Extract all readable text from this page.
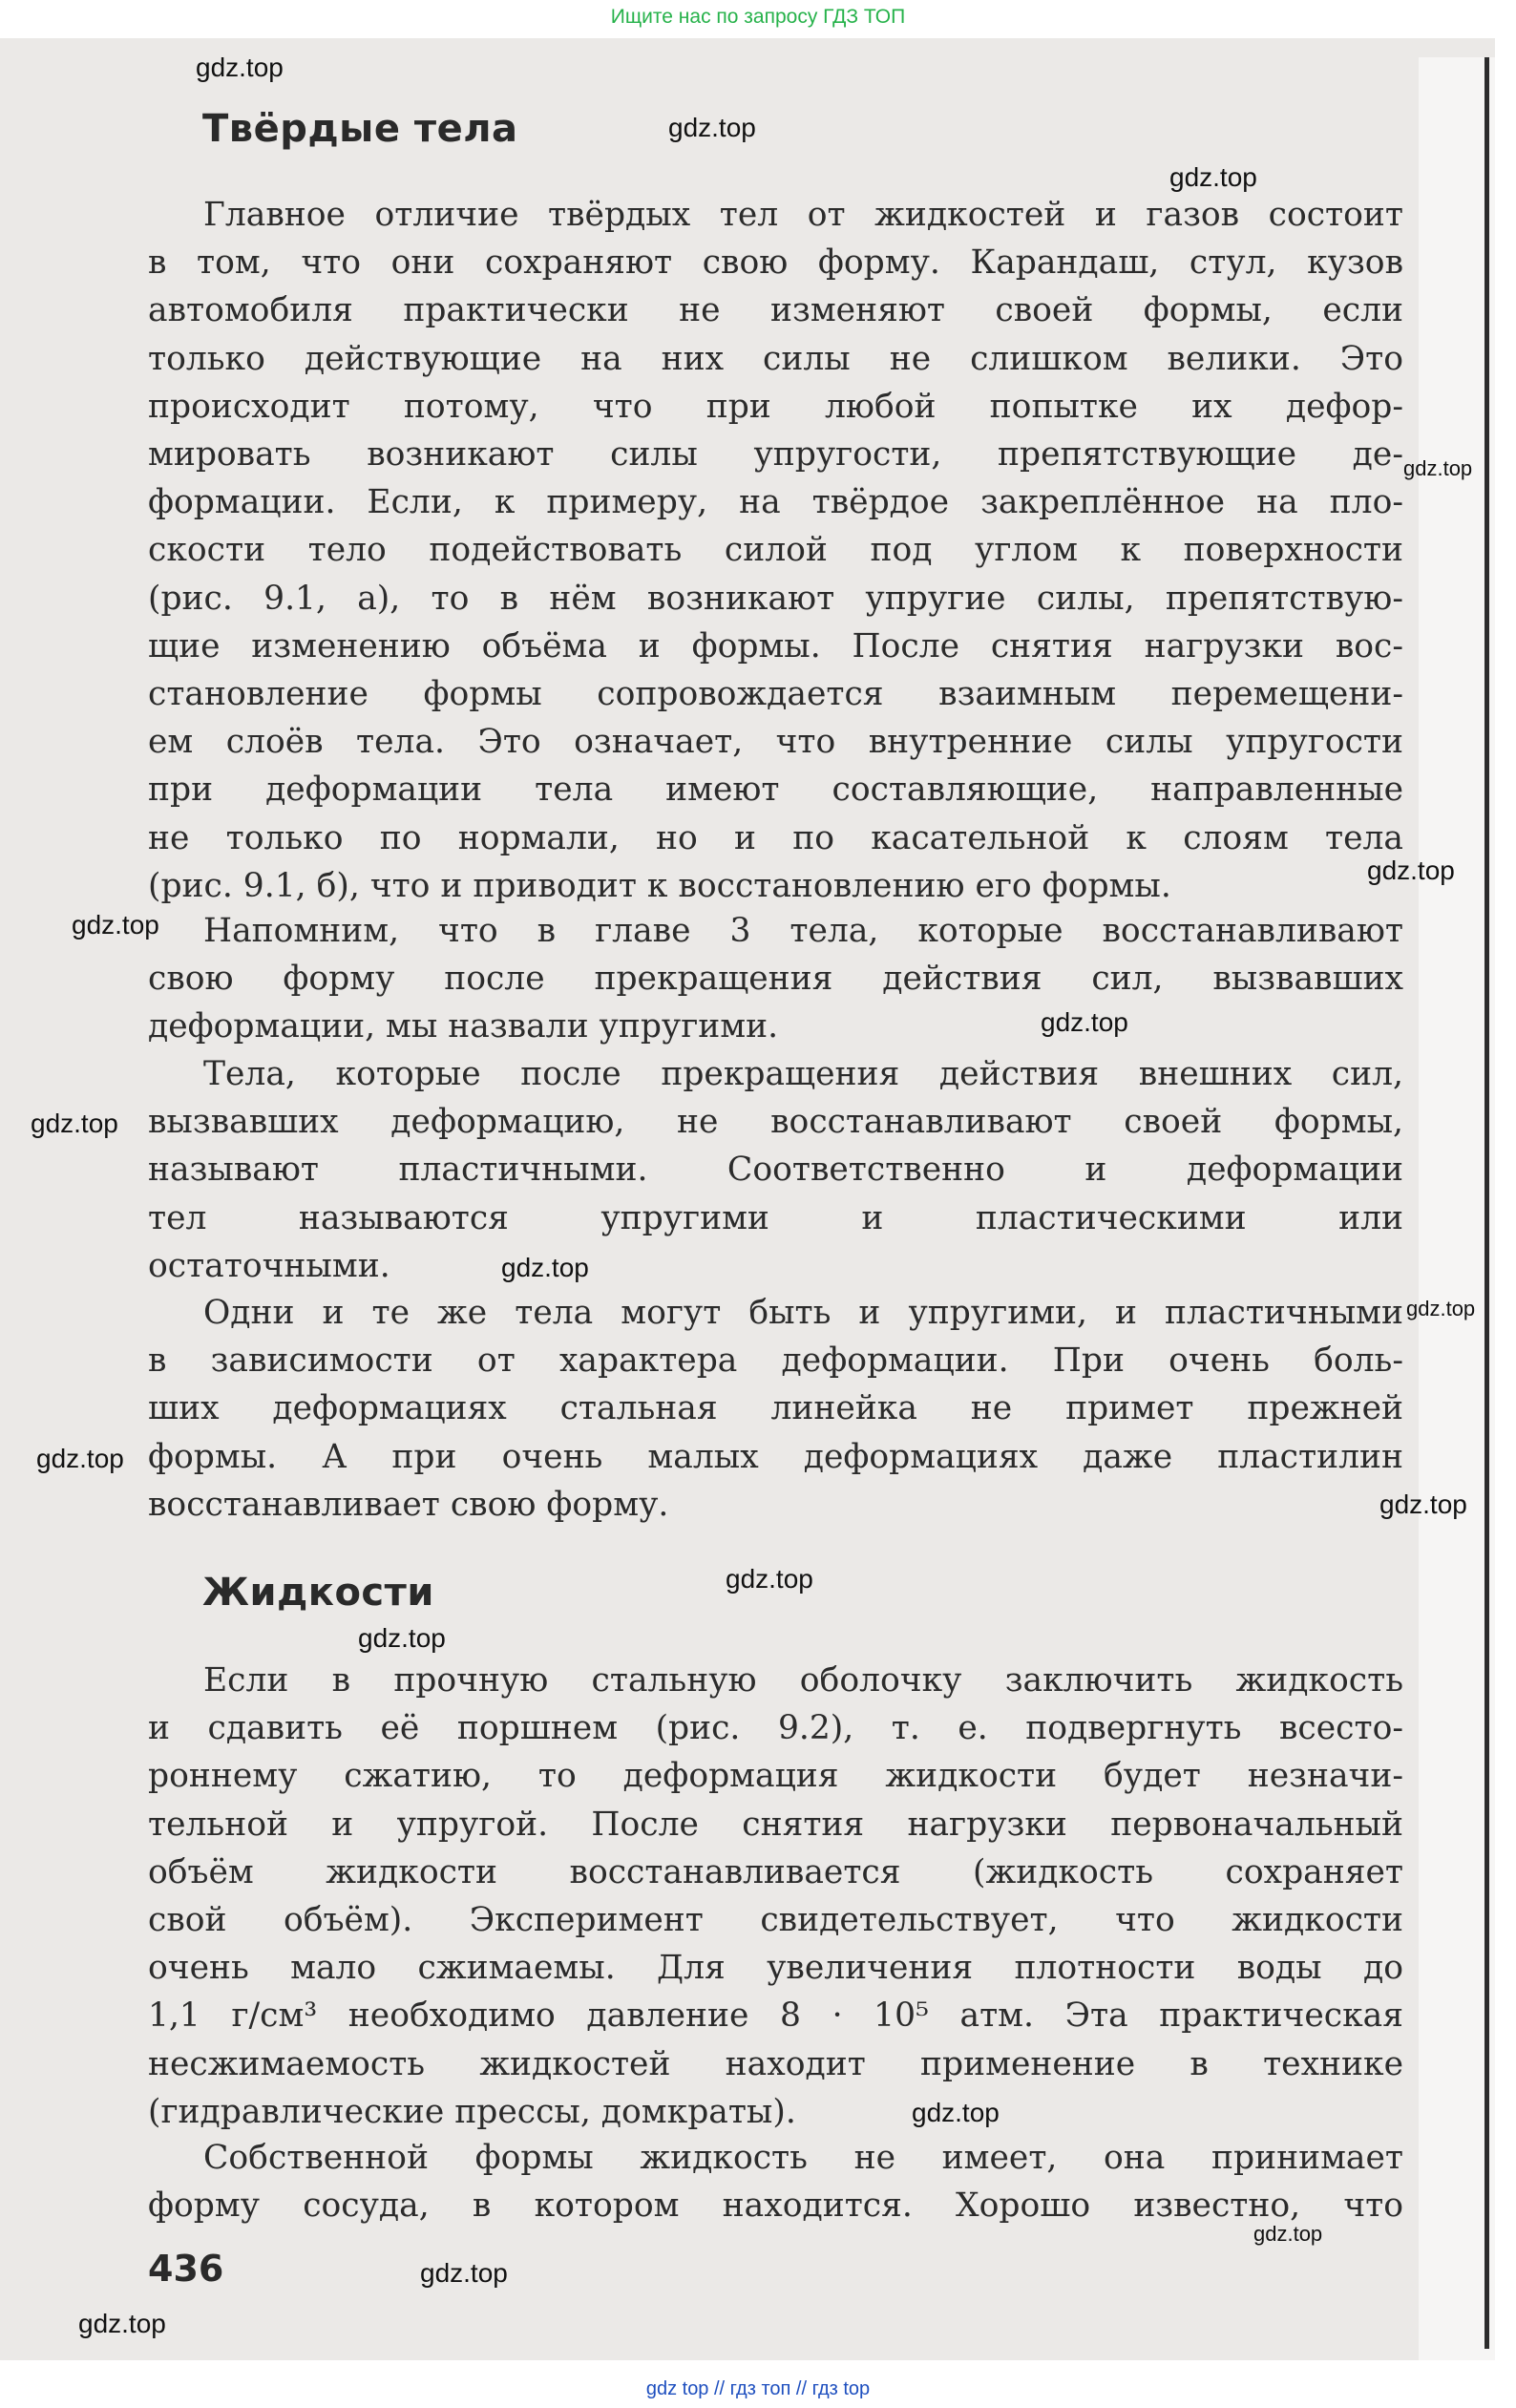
Ищите нас по запросу ГДЗ ТОП
Твёрдые тела

Главное отличие твёрдых тел от жидкостей и газов состоит
в том, что они сохраняют свою форму. Карандаш, стул, кузов
автомобиля практически не изменяют своей формы, если
только действующие на них силы не слишком велики. Это
происходит потому, что при любой попытке их дефор-
мировать возникают силы упругости, препятствующие де-
формации. Если, к примеру, на твёрдое закреплённое на пло-
скости тело подействовать силой под углом к поверхности
(рис. 9.1, а), то в нём возникают упругие силы, препятствую-
щие изменению объёма и формы. После снятия нагрузки вос-
становление формы сопровождается взаимным перемещени-
ем слоёв тела. Это означает, что внутренние силы упругости
при деформации тела имеют составляющие, направленные
не только по нормали, но и по касательной к слоям тела
(рис. 9.1, б), что и приводит к восстановлению его формы.

Напомним, что в главе 3 тела, которые восстанавливают
свою форму после прекращения действия сил, вызвавших
деформации, мы назвали упругими.

Тела, которые после прекращения действия внешних сил,
вызвавших деформацию, не восстанавливают своей формы,
называют пластичными. Соответственно и деформации
тел называются упругими и пластическими или
остаточными.

Одни и те же тела могут быть и упругими, и пластичными
в зависимости от характера деформации. При очень боль-
ших деформациях стальная линейка не примет прежней
формы. А при очень малых деформациях даже пластилин
восстанавливает свою форму.

Жидкости

Если в прочную стальную оболочку заключить жидкость
и сдавить её поршнем (рис. 9.2), т. е. подвергнуть всесто-
роннему сжатию, то деформация жидкости будет незначи-
тельной и упругой. После снятия нагрузки первоначальный
объём жидкости восстанавливается (жидкость сохраняет
свой объём). Эксперимент свидетельствует, что жидкости
очень мало сжимаемы. Для увеличения плотности воды до
1,1 г/см³ необходимо давление 8 · 10⁵ атм. Эта практическая
несжимаемость жидкостей находит применение в технике
(гидравлические прессы, домкраты).

Собственной формы жидкость не имеет, она принимает
форму сосуда, в котором находится. Хорошо известно, что

436
gdz.top
gdz.top
gdz.top
gdz.top
gdz.top
gdz.top
gdz.top
gdz.top
gdz.top
gdz.top
gdz.top
gdz.top
gdz.top
gdz.top
gdz.top
gdz.top
gdz.top
gdz.top
gdz top // гдз топ // гдз top
